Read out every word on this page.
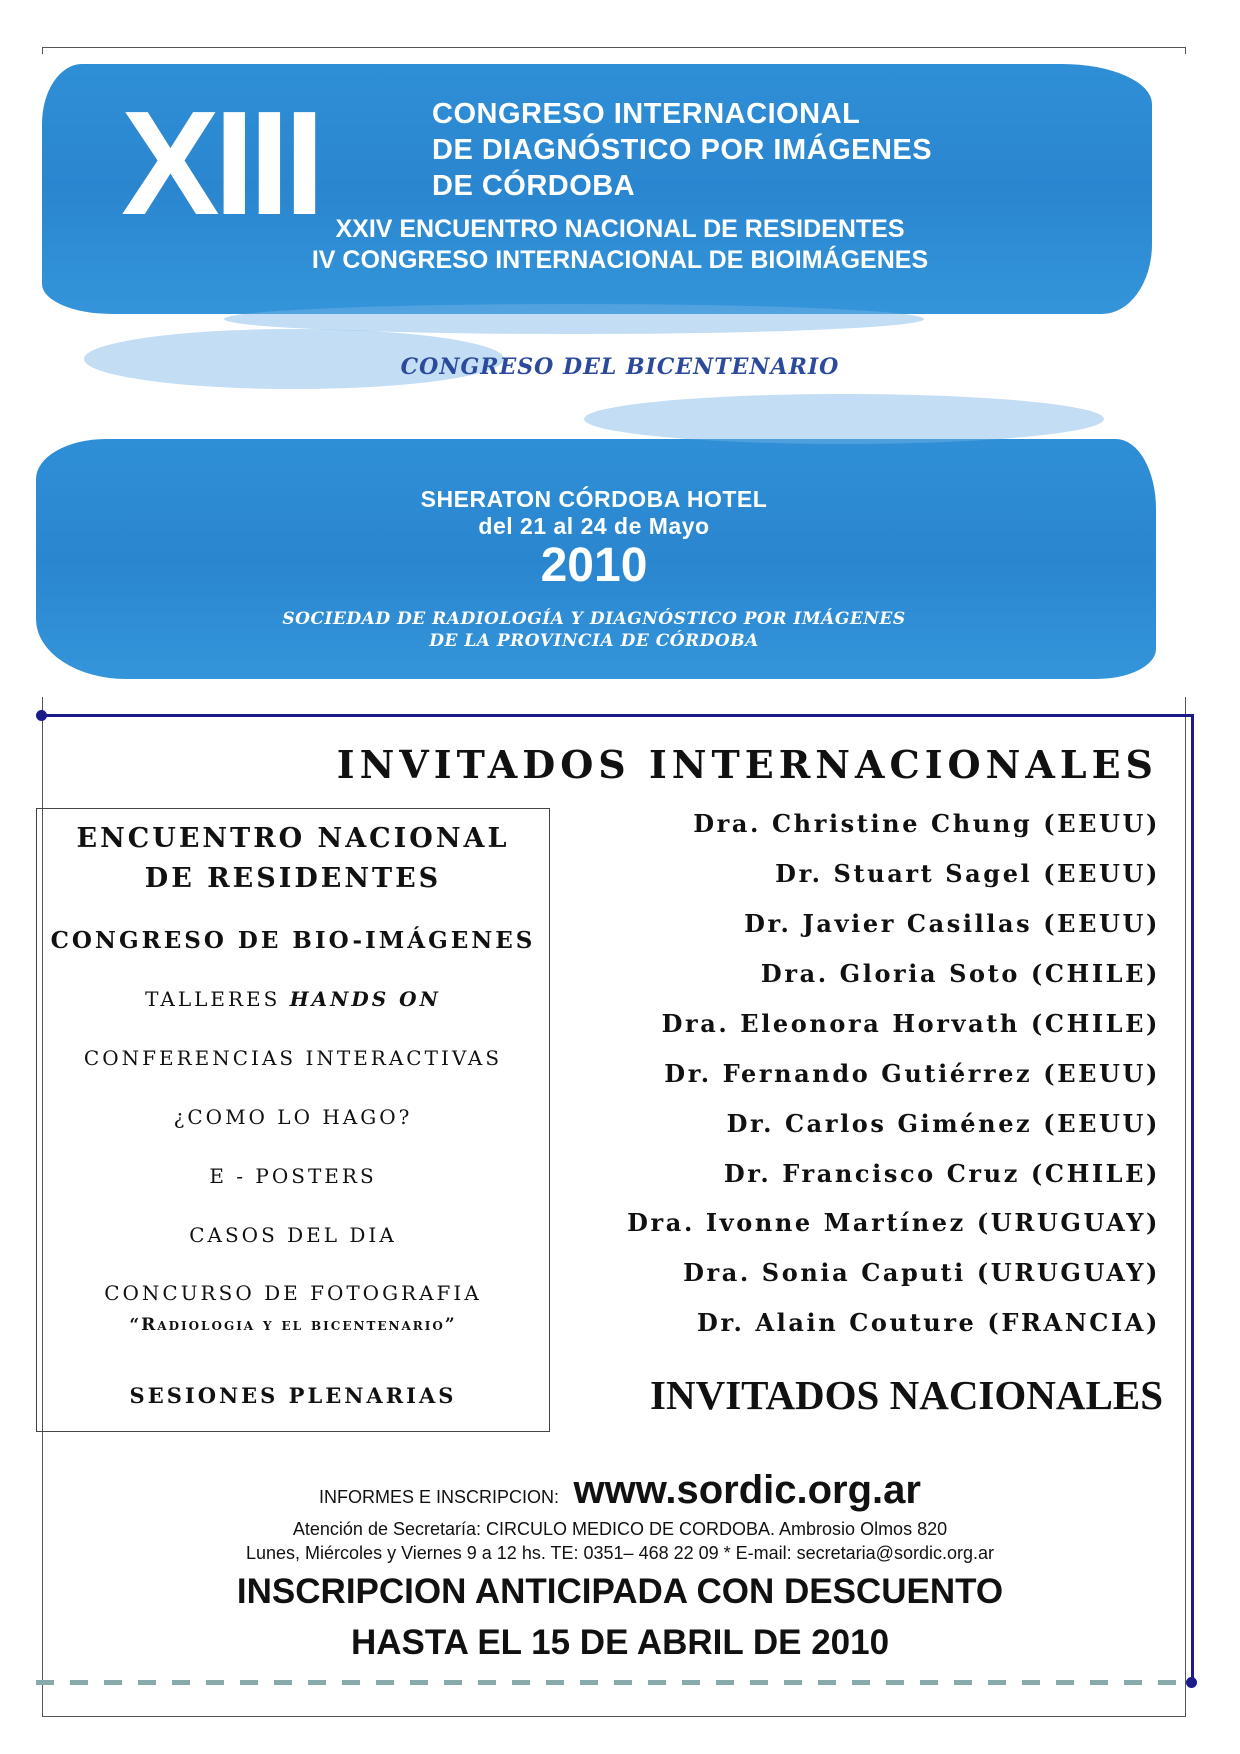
XIII	CONGRESO INTERNACIONAL
DE DIAGNÓSTICO POR IMÁGENES
DE CÓRDOBA
XXIV ENCUENTRO NACIONAL DE RESIDENTES
IV CONGRESO INTERNACIONAL DE BIOIMÁGENES
CONGRESO DEL BICENTENARIO
SHERATON CÓRDOBA HOTEL
del 21 al 24 de Mayo
2010
SOCIEDAD DE RADIOLOGÍA Y DIAGNÓSTICO POR IMÁGENES
DE LA PROVINCIA DE CÓRDOBA
INVITADOS INTERNACIONALES
ENCUENTRO NACIONAL
DE RESIDENTES
CONGRESO DE BIO-IMÁGENES
TALLERES HANDS ON
CONFERENCIAS INTERACTIVAS
¿COMO LO HAGO?
E - POSTERS
CASOS DEL DIA
CONCURSO DE FOTOGRAFIA
“Radiologia y el bicentenario”
SESIONES PLENARIAS
Dra. Christine Chung (EEUU)
Dr. Stuart Sagel (EEUU)
Dr. Javier Casillas (EEUU)
Dra. Gloria Soto (CHILE)
Dra. Eleonora Horvath (CHILE)
Dr. Fernando Gutiérrez (EEUU)
Dr. Carlos Giménez (EEUU)
Dr. Francisco Cruz (CHILE)
Dra. Ivonne Martínez (URUGUAY)
Dra. Sonia Caputi (URUGUAY)
Dr. Alain Couture (FRANCIA)
INVITADOS NACIONALES
INFORMES E INSCRIPCION: www.sordic.org.ar
Atención de Secretaría: CIRCULO MEDICO DE CORDOBA. Ambrosio Olmos 820
Lunes, Miércoles y Viernes 9 a 12 hs. TE: 0351– 468 22 09 * E-mail: secretaria@sordic.org.ar
INSCRIPCION ANTICIPADA CON DESCUENTO
HASTA EL 15 DE ABRIL DE 2010
